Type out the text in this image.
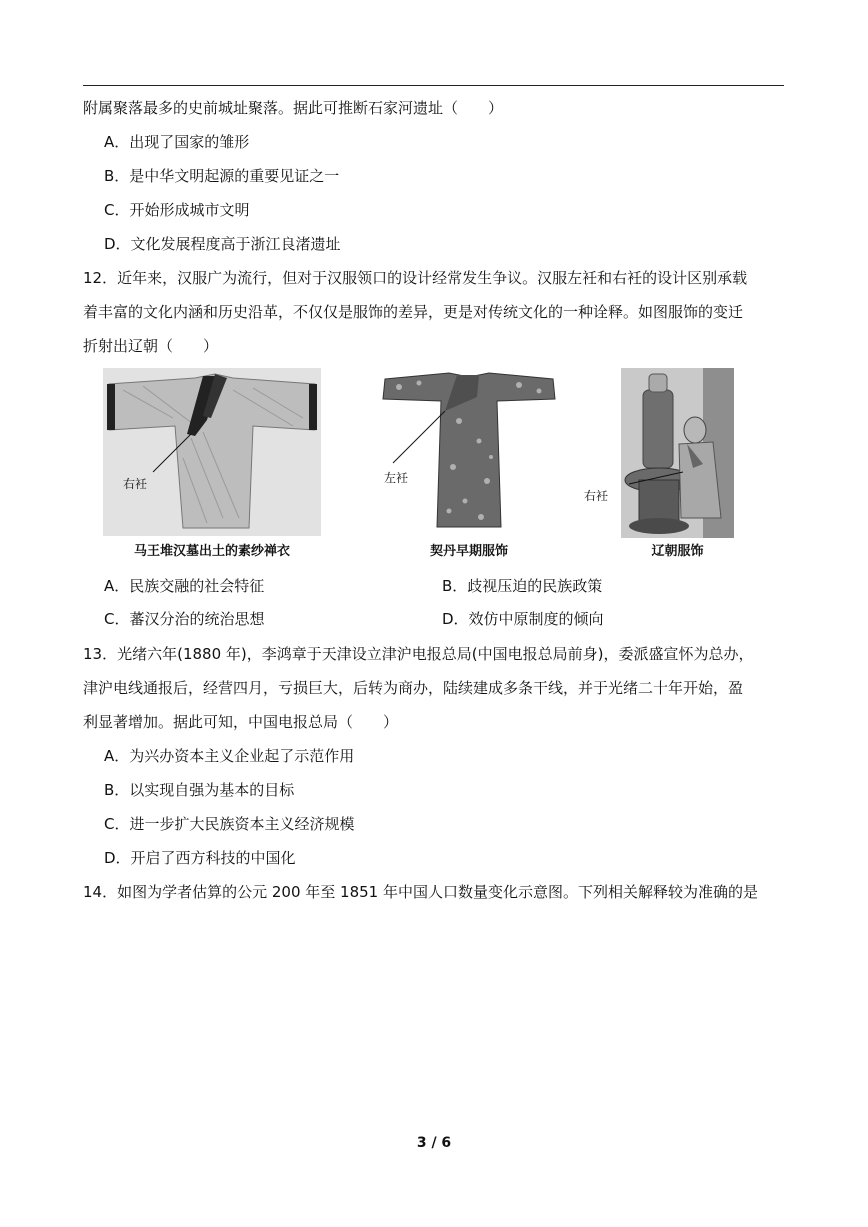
附属聚落最多的史前城址聚落。据此可推断石家河遗址（　　）
A．出现了国家的雏形
B．是中华文明起源的重要见证之一
C．开始形成城市文明
D．文化发展程度高于浙江良渚遗址
12．近年来，汉服广为流行，但对于汉服领口的设计经常发生争议。汉服左衽和右衽的设计区别承载
着丰富的文化内涵和历史沿革，不仅仅是服饰的差异，更是对传统文化的一种诠释。如图服饰的变迁
折射出辽朝（　　）
右衽
马王堆汉墓出土的素纱禅衣
左衽
契丹早期服饰
右衽
辽朝服饰
A．民族交融的社会特征	B．歧视压迫的民族政策
C．蕃汉分治的统治思想	D．效仿中原制度的倾向
13．光绪六年(1880 年)，李鸿章于天津设立津沪电报总局(中国电报总局前身)，委派盛宣怀为总办，
津沪电线通报后，经营四月，亏损巨大，后转为商办，陆续建成多条干线，并于光绪二十年开始，盈
利显著增加。据此可知，中国电报总局（　　）
A．为兴办资本主义企业起了示范作用
B．以实现自强为基本的目标
C．进一步扩大民族资本主义经济规模
D．开启了西方科技的中国化
14．如图为学者估算的公元 200 年至 1851 年中国人口数量变化示意图。下列相关解释较为准确的是
3 / 6
